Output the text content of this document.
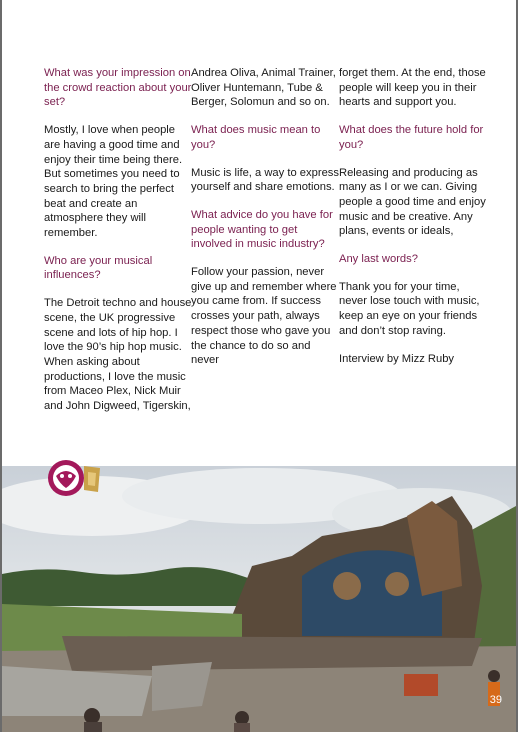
What was your impression on the crowd reaction about your set?

Mostly, I love when people are having a good time and enjoy their time being there. But sometimes you need to search to bring the perfect beat and create an atmosphere they will remember.

Who are your musical influences?

The Detroit techno and house scene, the UK progressive scene and lots of hip hop. I love the 90’s hip hop music. When asking about productions, I love the music from Maceo Plex, Nick Muir and John Digweed, Tigerskin,

Andrea Oliva, Animal Trainer, Oliver Huntemann, Tube & Berger, Solomun and so on.

What does music mean to you?

Music is life, a way to express yourself and share emotions.

What advice do you have for people wanting to get involved in music industry?

Follow your passion, never give up and remember where you came from. If success crosses your path, always respect those who gave you the chance to do so and never

forget them. At the end, those people will keep you in their hearts and support you.

What does the future hold for you?

Releasing and producing as many as I or we can. Giving people a good time and enjoy music and be creative. Any plans, events or ideals,

Any last words?

Thank you for your time, never lose touch with music, keep an eye on your friends and don’t stop raving.

Interview by Mizz Ruby

39
